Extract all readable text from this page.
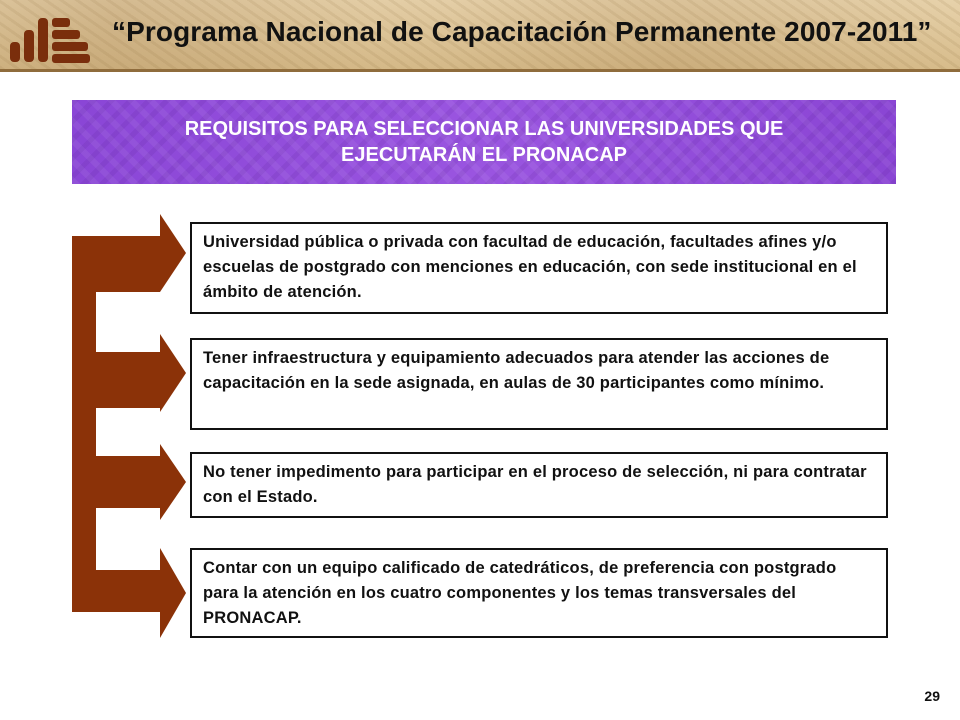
“Programa Nacional de Capacitación Permanente 2007-2011”
REQUISITOS PARA SELECCIONAR LAS UNIVERSIDADES QUE
EJECUTARÁN EL PRONACAP
Universidad pública o privada con facultad de educación, facultades afines y/o escuelas de postgrado con menciones en educación, con sede institucional en el ámbito de atención.
Tener infraestructura y equipamiento adecuados para atender las acciones de capacitación en la sede asignada, en aulas de 30 participantes como mínimo.
No tener impedimento para participar en el proceso de selección, ni para contratar con el Estado.
Contar con un equipo calificado de catedráticos, de preferencia con postgrado para la atención en los cuatro componentes y los temas transversales del PRONACAP.
29
